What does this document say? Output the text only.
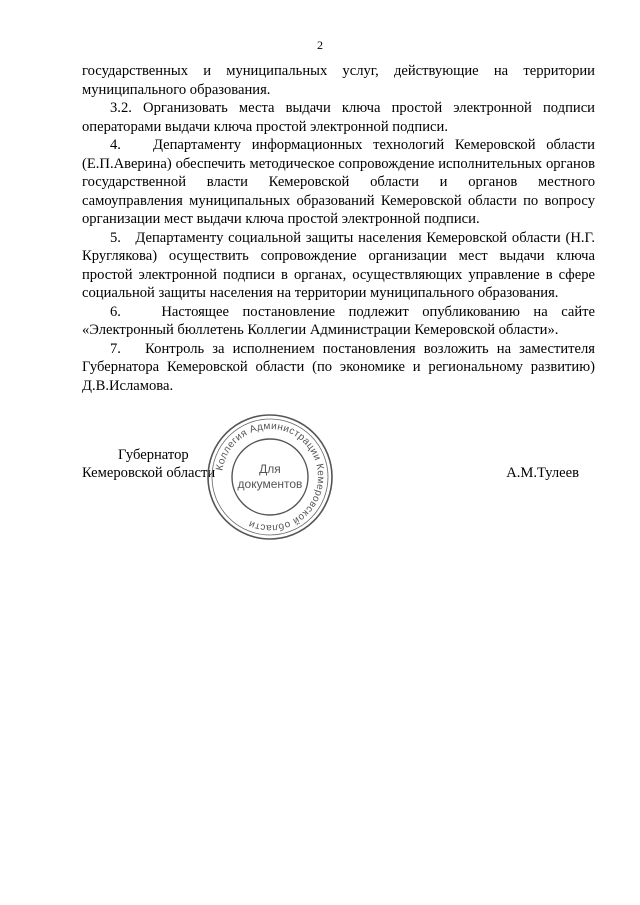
2

государственных и муниципальных услуг, действующие на территории муниципального образования.

3.2. Организовать места выдачи ключа простой электронной подписи операторами выдачи ключа простой электронной подписи.

4.   Департаменту информационных технологий Кемеровской области (Е.П.Аверина) обеспечить методическое сопровождение исполнительных органов государственной власти Кемеровской области и органов местного самоуправления муниципальных образований Кемеровской области по вопросу организации мест выдачи ключа простой электронной подписи.

5.   Департаменту социальной защиты населения Кемеровской области (Н.Г. Круглякова) осуществить сопровождение организации мест выдачи ключа простой электронной подписи в органах, осуществляющих управление в сфере социальной защиты населения на территории муниципального образования.

6.   Настоящее постановление подлежит опубликованию на сайте «Электронный бюллетень Коллегии Администрации Кемеровской области».

7.   Контроль за исполнением постановления возложить на заместителя Губернатора Кемеровской области (по экономике и региональному развитию) Д.В.Исламова.

Губернатор
Кемеровской области	А.М.Тулеев
Коллегия Администрации Кемеровской области
Для
документов
